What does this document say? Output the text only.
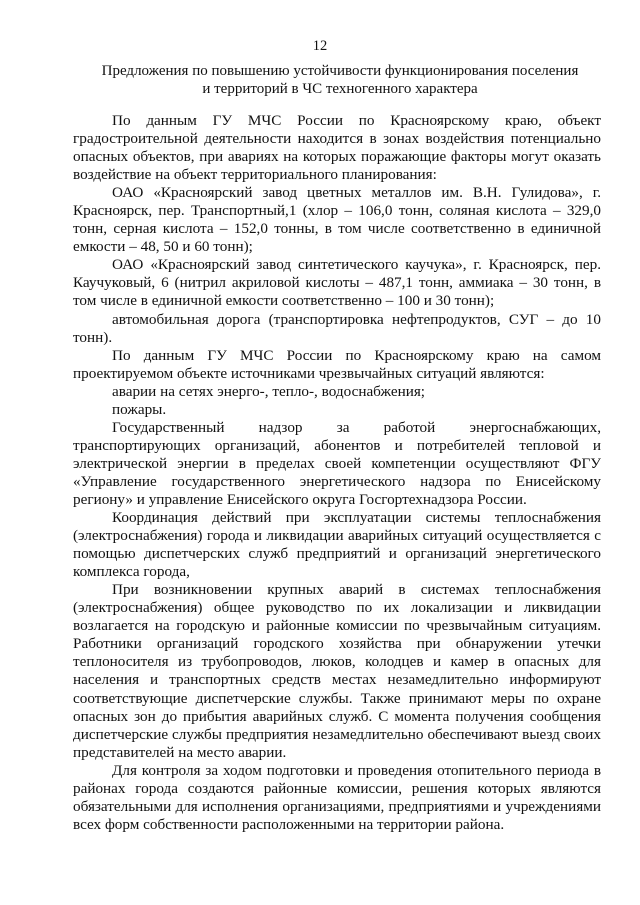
12
Предложения по повышению устойчивости функционирования поселения
и территорий в ЧС техногенного характера

По данным ГУ МЧС России по Красноярскому краю, объект градостроительной деятельности находится в зонах воздействия потенциально опасных объектов, при авариях на которых поражающие факторы могут оказать воздействие на объект территориального планирования:

ОАО «Красноярский завод цветных металлов им. В.Н. Гулидова», г. Красноярск, пер. Транспортный,1 (хлор – 106,0 тонн, соляная кислота – 329,0 тонн, серная кислота – 152,0 тонны, в том числе соответственно в единичной емкости – 48, 50 и 60 тонн);

ОАО «Красноярский завод синтетического каучука», г. Красноярск, пер. Каучуковый, 6 (нитрил акриловой кислоты – 487,1 тонн, аммиака – 30 тонн, в том числе в единичной емкости соответственно – 100 и 30 тонн);

автомобильная дорога (транспортировка нефтепродуктов, СУГ – до 10 тонн).

По данным ГУ МЧС России по Красноярскому краю на самом проектируемом объекте источниками чрезвычайных ситуаций являются:

аварии на сетях энерго-, тепло-, водоснабжения;

пожары.

Государственный надзор за работой энергоснабжающих, транспортирующих организаций, абонентов и потребителей тепловой и электрической энергии в пределах своей компетенции осуществляют ФГУ «Управление государственного энергетического надзора по Енисейскому региону» и управление Енисейского округа Госгортехнадзора России.

Координация действий при эксплуатации системы теплоснабжения (электроснабжения) города и ликвидации аварийных ситуаций осуществляется с помощью диспетчерских служб предприятий и организаций энергетического комплекса города,

При возникновении крупных аварий в системах теплоснабжения (электроснабжения) общее руководство по их локализации и ликвидации возлагается на городскую и районные комиссии по чрезвычайным ситуациям. Работники организаций городского хозяйства при обнаружении утечки теплоносителя из трубопроводов, люков, колодцев и камер в опасных для населения и транспортных средств местах незамедлительно информируют соответствующие диспетчерские службы. Также принимают меры по охране опасных зон до прибытия аварийных служб. С момента получения сообщения диспетчерские службы предприятия незамедлительно обеспечивают выезд своих представителей на место аварии.

Для контроля за ходом подготовки и проведения отопительного периода в районах города создаются районные комиссии, решения которых являются обязательными для исполнения организациями, предприятиями и учреждениями всех форм собственности расположенными на территории района.
